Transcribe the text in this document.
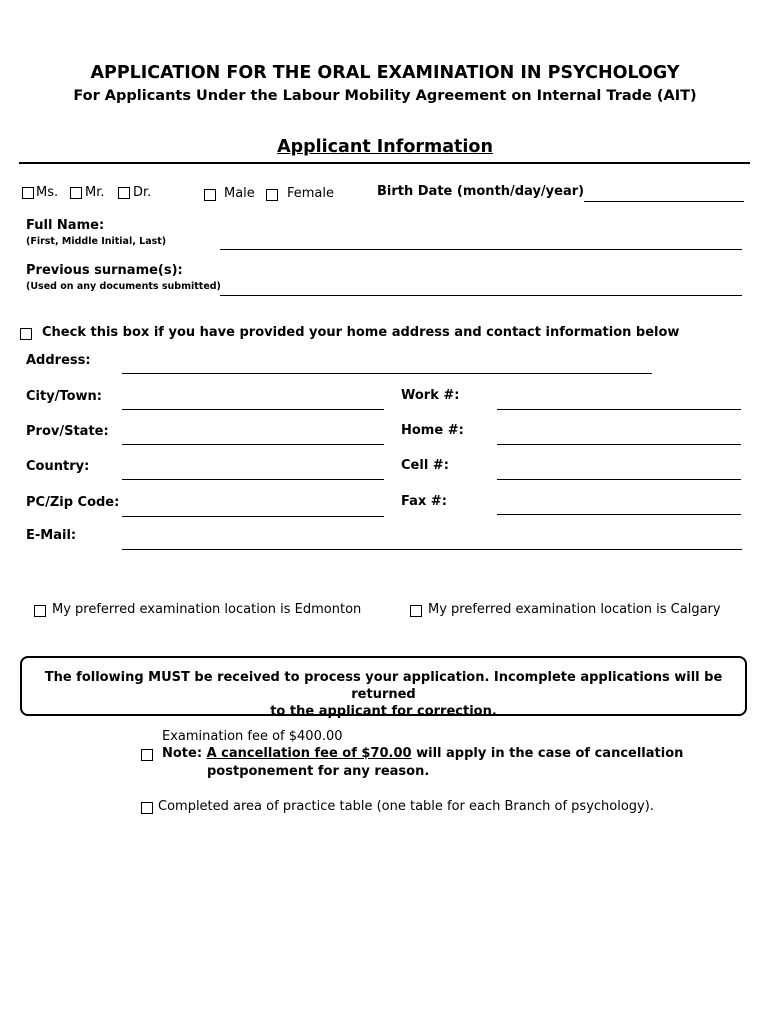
APPLICATION FOR THE ORAL EXAMINATION IN PSYCHOLOGY
For Applicants Under the Labour Mobility Agreement on Internal Trade (AIT)
Applicant Information
Ms. Mr. Dr.	Male Female	Birth Date (month/day/year)
Full Name:
(First, Middle Initial, Last)
Previous surname(s):
(Used on any documents submitted)
Check this box if you have provided your home address and contact information below
Address:
City/Town:	Work #:
Prov/State:	Home #:
Country:	Cell #:
PC/Zip Code:	Fax #:
E-Mail:
My preferred examination location is Edmonton	My preferred examination location is Calgary
The following MUST be received to process your application. Incomplete applications will be returned
to the applicant for correction.
Examination fee of $400.00
Note: A cancellation fee of $70.00 will apply in the case of cancellation
postponement for any reason.
Completed area of practice table (one table for each Branch of psychology).
